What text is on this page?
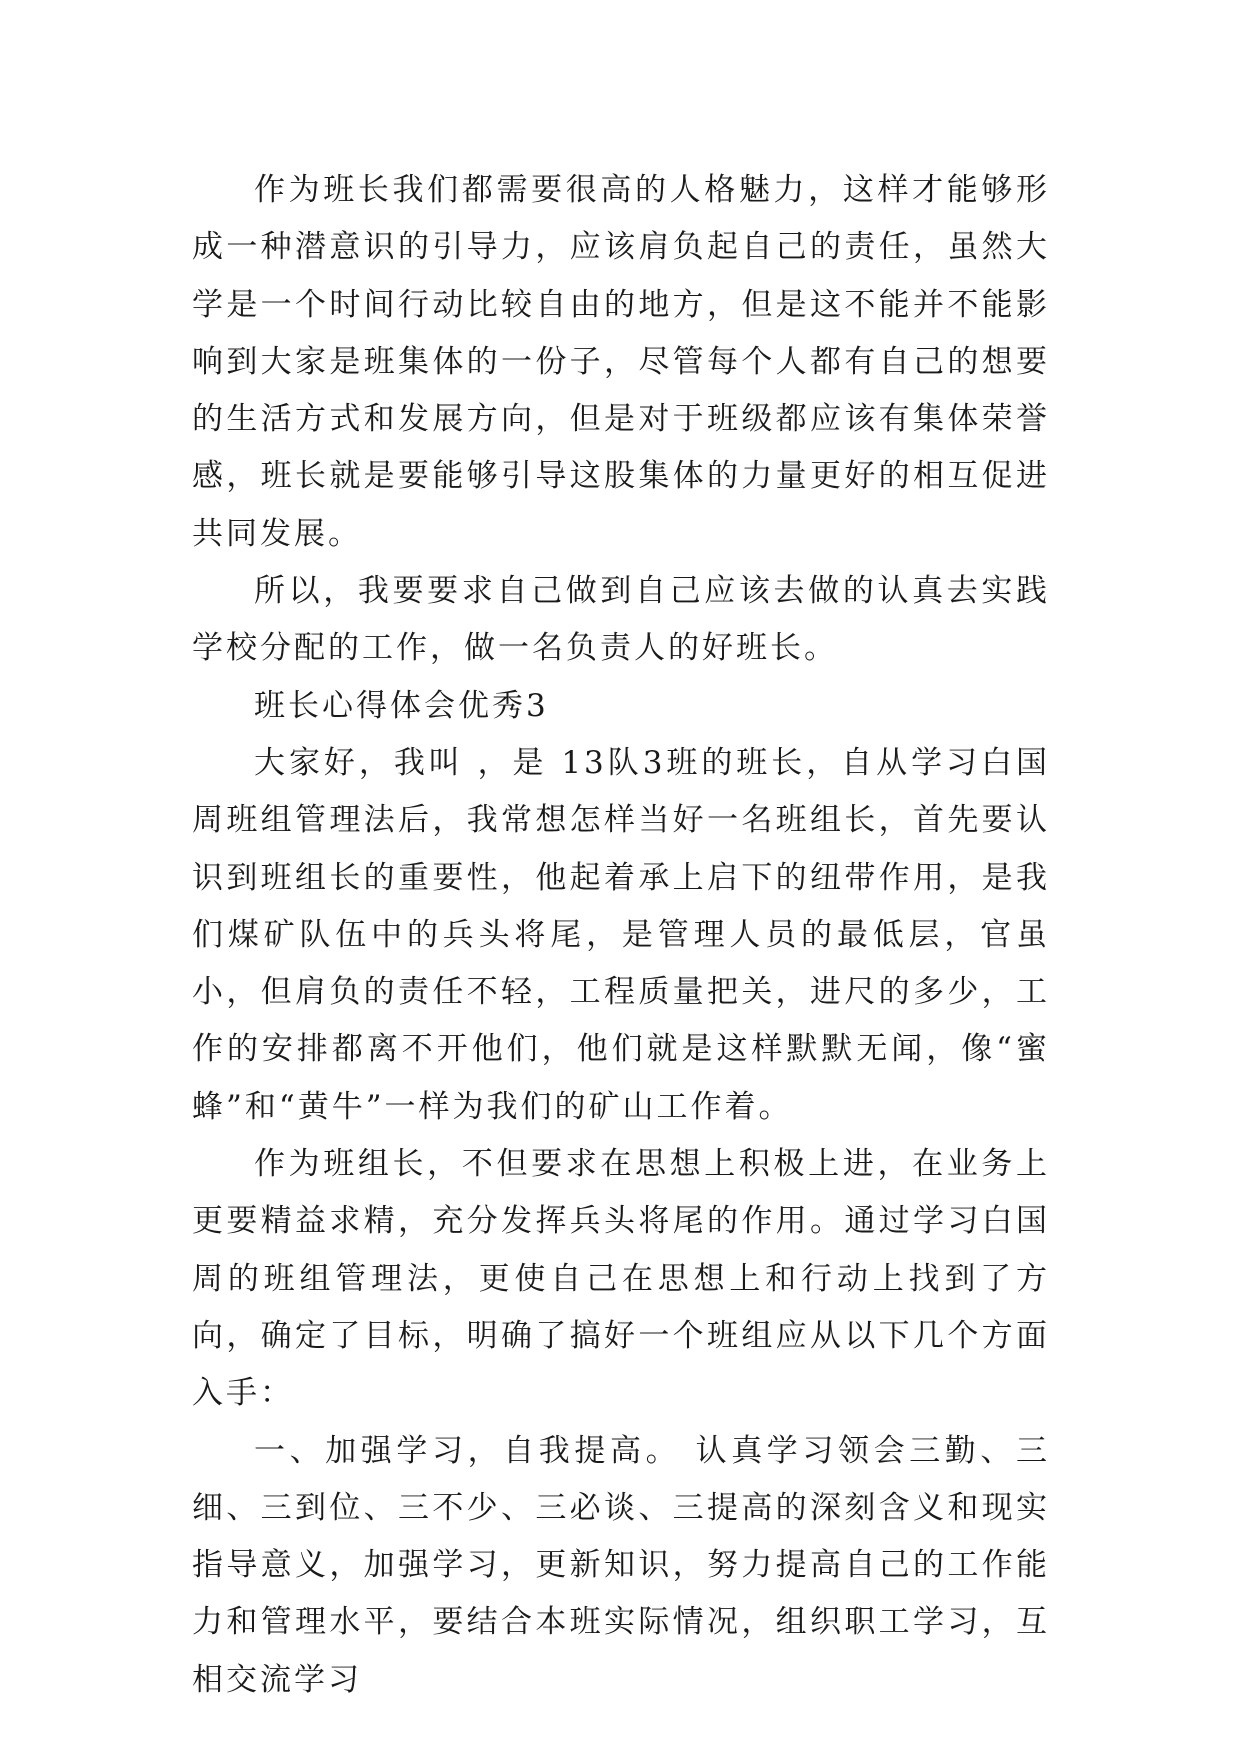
作为班长我们都需要很高的人格魅力，这样才能够形成一种潜意识的引导力，应该肩负起自己的责任，虽然大学是一个时间行动比较自由的地方，但是这不能并不能影响到大家是班集体的一份子，尽管每个人都有自己的想要的生活方式和发展方向，但是对于班级都应该有集体荣誉感，班长就是要能够引导这股集体的力量更好的相互促进共同发展。

所以，我要要求自己做到自己应该去做的认真去实践学校分配的工作，做一名负责人的好班长。

班长心得体会优秀3

大家好，我叫 ，是 13队3班的班长，自从学习白国周班组管理法后，我常想怎样当好一名班组长，首先要认识到班组长的重要性，他起着承上启下的纽带作用，是我们煤矿队伍中的兵头将尾，是管理人员的最低层，官虽小，但肩负的责任不轻，工程质量把关，进尺的多少，工作的安排都离不开他们，他们就是这样默默无闻，像“蜜蜂”和“黄牛”一样为我们的矿山工作着。

作为班组长，不但要求在思想上积极上进，在业务上更要精益求精，充分发挥兵头将尾的作用。通过学习白国周的班组管理法，更使自己在思想上和行动上找到了方向，确定了目标，明确了搞好一个班组应从以下几个方面入手：

一、加强学习，自我提高。 认真学习领会三勤、三细、三到位、三不少、三必谈、三提高的深刻含义和现实指导意义，加强学习，更新知识，努力提高自己的工作能力和管理水平，要结合本班实际情况，组织职工学习，互相交流学习
